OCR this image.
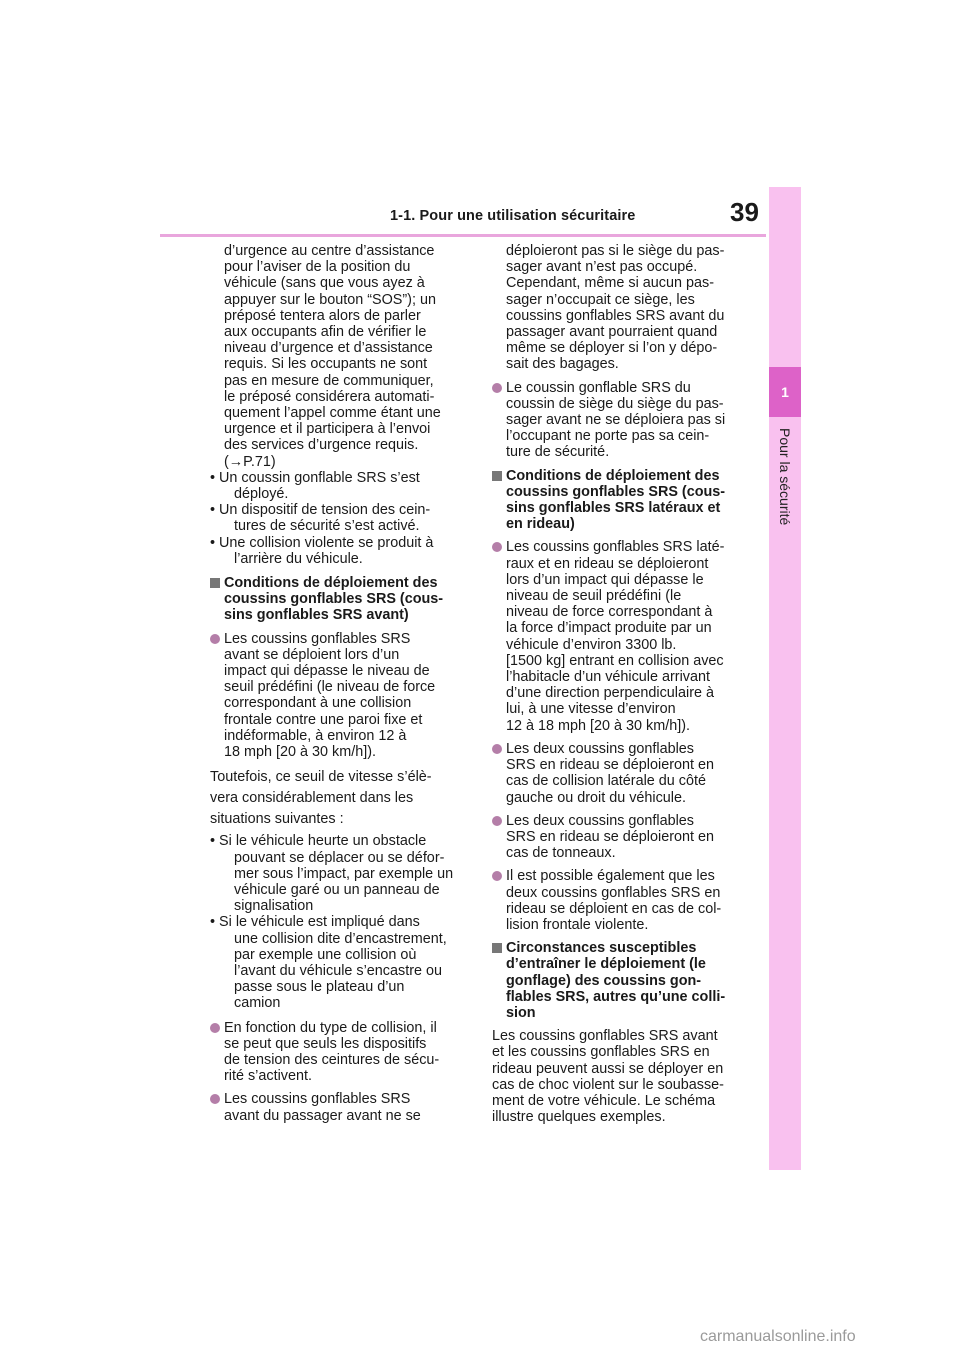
1
Pour la sécurité
1-1. Pour une utilisation sécuritaire	39
d’urgence au centre d’assistance
pour l’aviser de la position du
véhicule (sans que vous ayez à
appuyer sur le bouton “SOS”); un
préposé tentera alors de parler
aux occupants afin de vérifier le
niveau d’urgence et d’assistance
requis. Si les occupants ne sont
pas en mesure de communiquer,
le préposé considérera automati-
quement l’appel comme étant une
urgence et il participera à l’envoi
des services d’urgence requis.
(→P.71)
• Un coussin gonflable SRS s’est
déployé.
• Un dispositif de tension des cein-
tures de sécurité s’est activé.
• Une collision violente se produit à
l’arrière du véhicule.
Conditions de déploiement des
coussins gonflables SRS (cous-
sins gonflables SRS avant)
Les coussins gonflables SRS
avant se déploient lors d’un
impact qui dépasse le niveau de
seuil prédéfini (le niveau de force
correspondant à une collision
frontale contre une paroi fixe et
indéformable, à environ 12 à
18 mph [20 à 30 km/h]).
Toutefois, ce seuil de vitesse s’élè-
vera considérablement dans les
situations suivantes :
• Si le véhicule heurte un obstacle
pouvant se déplacer ou se défor-
mer sous l’impact, par exemple un
véhicule garé ou un panneau de
signalisation
• Si le véhicule est impliqué dans
une collision dite d’encastrement,
par exemple une collision où
l’avant du véhicule s’encastre ou
passe sous le plateau d’un
camion
En fonction du type de collision, il
se peut que seuls les dispositifs
de tension des ceintures de sécu-
rité s’activent.
Les coussins gonflables SRS
avant du passager avant ne se
déploieront pas si le siège du pas-
sager avant n’est pas occupé.
Cependant, même si aucun pas-
sager n’occupait ce siège, les
coussins gonflables SRS avant du
passager avant pourraient quand
même se déployer si l’on y dépo-
sait des bagages.
Le coussin gonflable SRS du
coussin de siège du siège du pas-
sager avant ne se déploiera pas si
l’occupant ne porte pas sa cein-
ture de sécurité.
Conditions de déploiement des
coussins gonflables SRS (cous-
sins gonflables SRS latéraux et
en rideau)
Les coussins gonflables SRS laté-
raux et en rideau se déploieront
lors d’un impact qui dépasse le
niveau de seuil prédéfini (le
niveau de force correspondant à
la force d’impact produite par un
véhicule d’environ 3300 lb.
[1500 kg] entrant en collision avec
l’habitacle d’un véhicule arrivant
d’une direction perpendiculaire à
lui, à une vitesse d’environ
12 à 18 mph [20 à 30 km/h]).
Les deux coussins gonflables
SRS en rideau se déploieront en
cas de collision latérale du côté
gauche ou droit du véhicule.
Les deux coussins gonflables
SRS en rideau se déploieront en
cas de tonneaux.
Il est possible également que les
deux coussins gonflables SRS en
rideau se déploient en cas de col-
lision frontale violente.
Circonstances susceptibles
d’entraîner le déploiement (le
gonflage) des coussins gon-
flables SRS, autres qu’une colli-
sion
Les coussins gonflables SRS avant
et les coussins gonflables SRS en
rideau peuvent aussi se déployer en
cas de choc violent sur le soubasse-
ment de votre véhicule. Le schéma
illustre quelques exemples.
carmanualsonline.info
